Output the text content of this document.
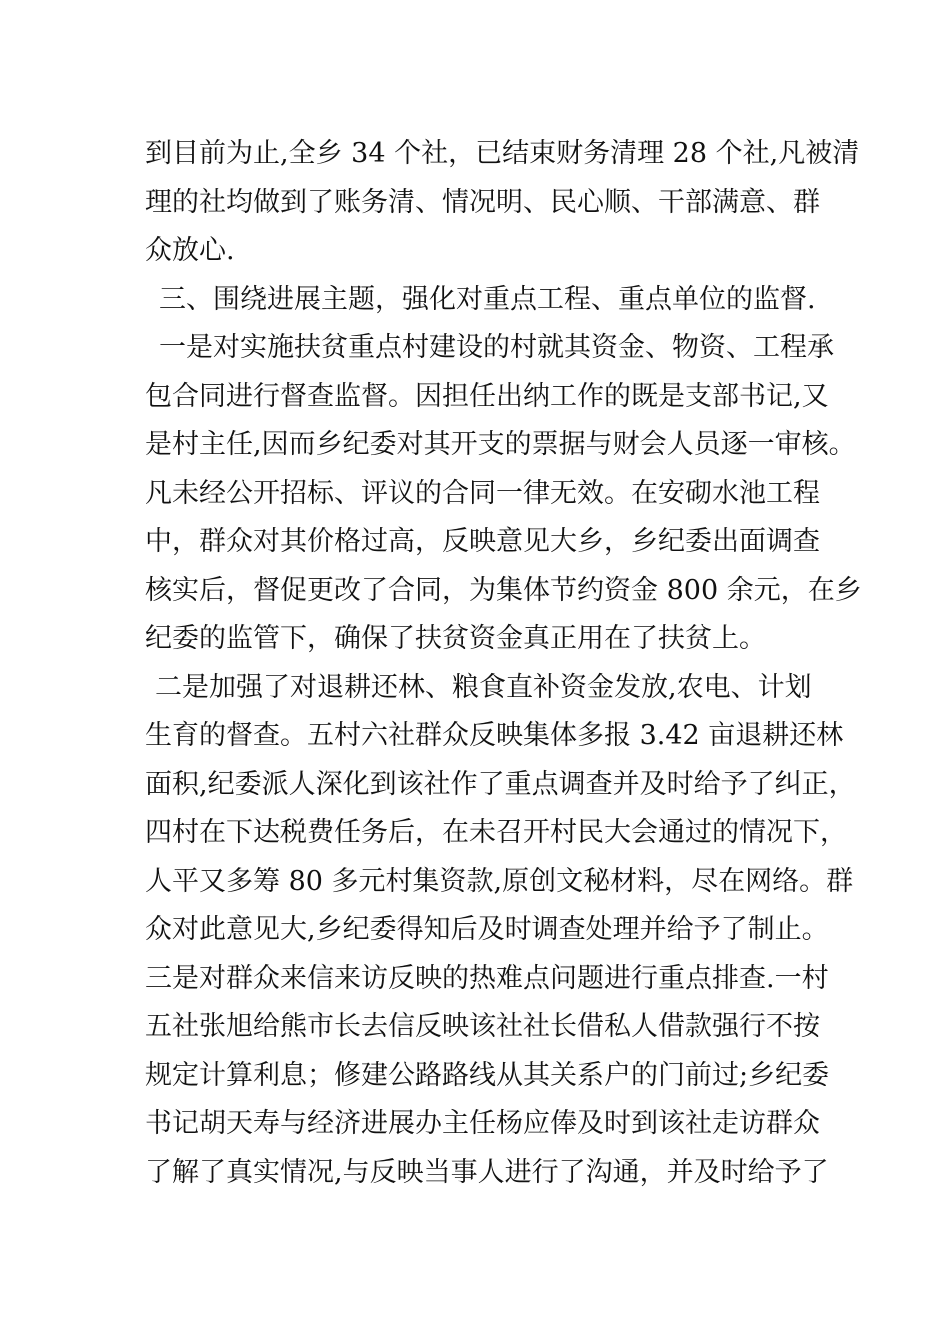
到目前为止,全乡 34 个社，已结束财务清理 28 个社,凡被清
理的社均做到了账务清、情况明、民心顺、干部满意、群
众放心.
三、围绕进展主题，强化对重点工程、重点单位的监督.
一是对实施扶贫重点村建设的村就其资金、物资、工程承
包合同进行督查监督。因担任出纳工作的既是支部书记,又
是村主任,因而乡纪委对其开支的票据与财会人员逐一审核。
凡未经公开招标、评议的合同一律无效。在安砌水池工程
中，群众对其价格过高，反映意见大乡，乡纪委出面调查
核实后，督促更改了合同，为集体节约资金 800 余元，在乡
纪委的监管下，确保了扶贫资金真正用在了扶贫上。
二是加强了对退耕还林、粮食直补资金发放,农电、计划
生育的督查。五村六社群众反映集体多报 3.42 亩退耕还林
面积,纪委派人深化到该社作了重点调查并及时给予了纠正，
四村在下达税费任务后，在未召开村民大会通过的情况下，
人平又多筹 80 多元村集资款,原创文秘材料，尽在网络。群
众对此意见大,乡纪委得知后及时调查处理并给予了制止。
三是对群众来信来访反映的热难点问题进行重点排查.一村
五社张旭给熊市长去信反映该社社长借私人借款强行不按
规定计算利息；修建公路路线从其关系户的门前过;乡纪委
书记胡天寿与经济进展办主任杨应俸及时到该社走访群众
了解了真实情况,与反映当事人进行了沟通，并及时给予了
